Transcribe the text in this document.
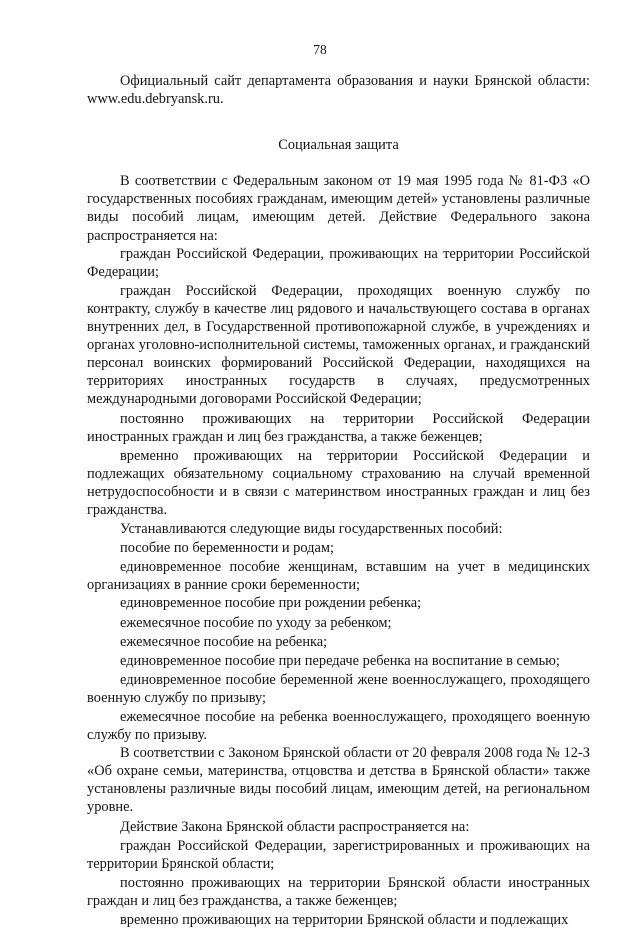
78

Официальный сайт департамента образования и науки Брянской области: www.edu.debryansk.ru.

Социальная защита

В соответствии с Федеральным законом от 19 мая 1995 года № 81-ФЗ «О государственных пособиях гражданам, имеющим детей» установлены различные виды пособий лицам, имеющим детей. Действие Федерального закона распространяется на:

граждан Российской Федерации, проживающих на территории Российской Федерации;

граждан Российской Федерации, проходящих военную службу по контракту, службу в качестве лиц рядового и начальствующего состава в органах внутренних дел, в Государственной противопожарной службе, в учреждениях и органах уголовно-исполнительной системы, таможенных органах, и гражданский персонал воинских формирований Российской Федерации, находящихся на территориях иностранных государств в случаях, предусмотренных международными договорами Российской Федерации;

постоянно проживающих на территории Российской Федерации иностранных граждан и лиц без гражданства, а также беженцев;

временно проживающих на территории Российской Федерации и подлежащих обязательному социальному страхованию на случай временной нетрудоспособности и в связи с материнством иностранных граждан и лиц без гражданства.

Устанавливаются следующие виды государственных пособий:

пособие по беременности и родам;

единовременное пособие женщинам, вставшим на учет в медицинских организациях в ранние сроки беременности;

единовременное пособие при рождении ребенка;

ежемесячное пособие по уходу за ребенком;

ежемесячное пособие на ребенка;

единовременное пособие при передаче ребенка на воспитание в семью;

единовременное пособие беременной жене военнослужащего, проходящего военную службу по призыву;

ежемесячное пособие на ребенка военнослужащего, проходящего военную службу по призыву.

В соответствии с Законом Брянской области от 20 февраля 2008 года № 12-З «Об охране семьи, материнства, отцовства и детства в Брянской области» также установлены различные виды пособий лицам, имеющим детей, на региональном уровне.

Действие Закона Брянской области распространяется на:

граждан Российской Федерации, зарегистрированных и проживающих на территории Брянской области;

постоянно проживающих на территории Брянской области иностранных граждан и лиц без гражданства, а также беженцев;

временно проживающих на территории Брянской области и подлежащих
